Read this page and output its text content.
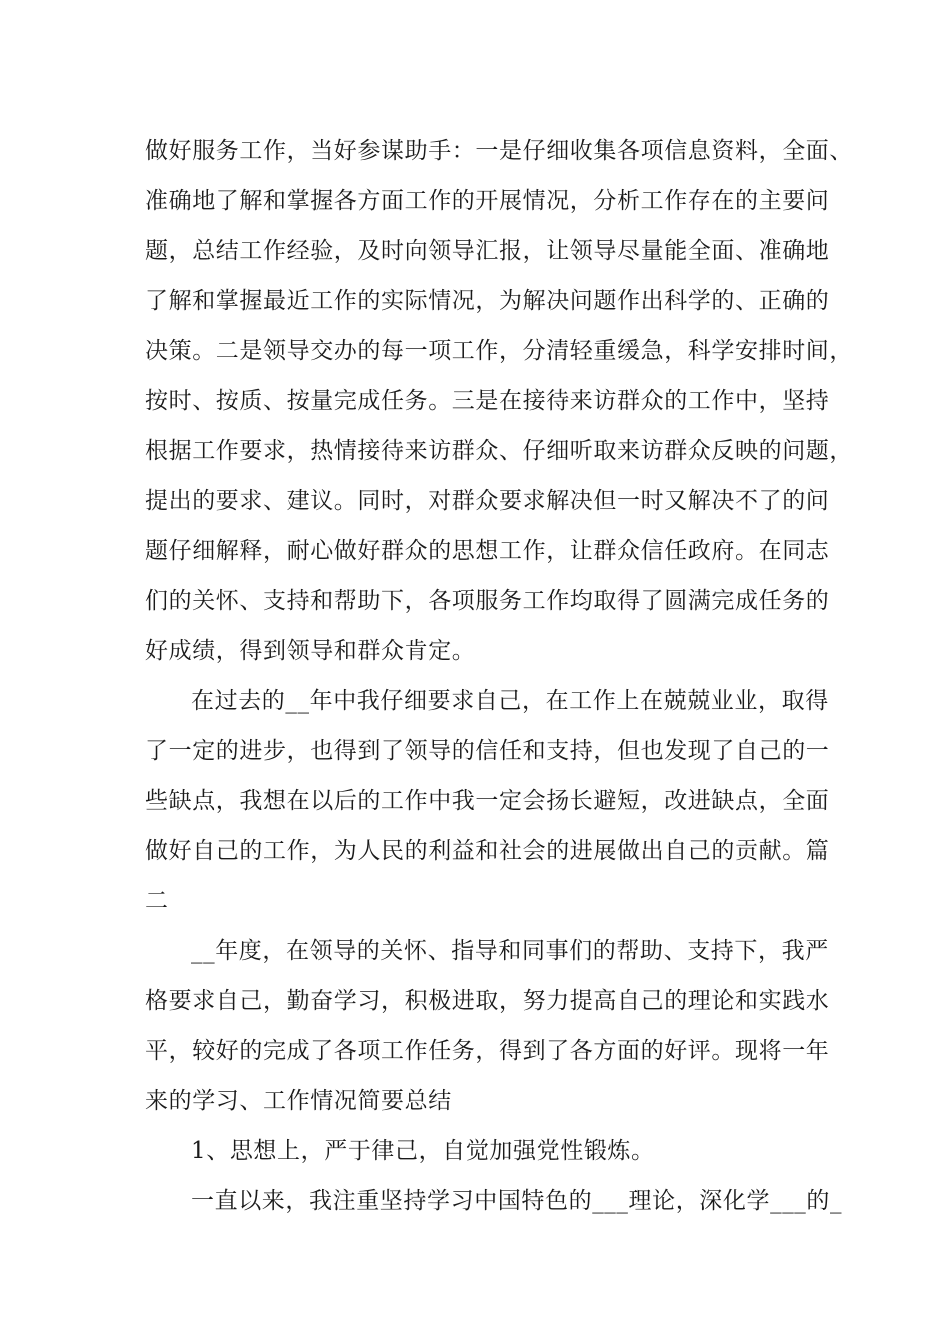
做好服务工作，当好参谋助手：一是仔细收集各项信息资料，全面、
准确地了解和掌握各方面工作的开展情况，分析工作存在的主要问
题，总结工作经验，及时向领导汇报，让领导尽量能全面、准确地
了解和掌握最近工作的实际情况，为解决问题作出科学的、正确的
决策。二是领导交办的每一项工作，分清轻重缓急，科学安排时间，
按时、按质、按量完成任务。三是在接待来访群众的工作中，坚持
根据工作要求，热情接待来访群众、仔细听取来访群众反映的问题，
提出的要求、建议。同时，对群众要求解决但一时又解决不了的问
题仔细解释，耐心做好群众的思想工作，让群众信任政府。在同志
们的关怀、支持和帮助下，各项服务工作均取得了圆满完成任务的
好成绩，得到领导和群众肯定。
在过去的__年中我仔细要求自己，在工作上在兢兢业业，取得
了一定的进步，也得到了领导的信任和支持，但也发现了自己的一
些缺点，我想在以后的工作中我一定会扬长避短，改进缺点，全面
做好自己的工作，为人民的利益和社会的进展做出自己的贡献。篇
二
__年度，在领导的关怀、指导和同事们的帮助、支持下，我严
格要求自己，勤奋学习，积极进取，努力提高自己的理论和实践水
平，较好的完成了各项工作任务，得到了各方面的好评。现将一年
来的学习、工作情况简要总结
1、思想上，严于律己，自觉加强党性锻炼。
一直以来，我注重坚持学习中国特色的___理论，深化学___的_
